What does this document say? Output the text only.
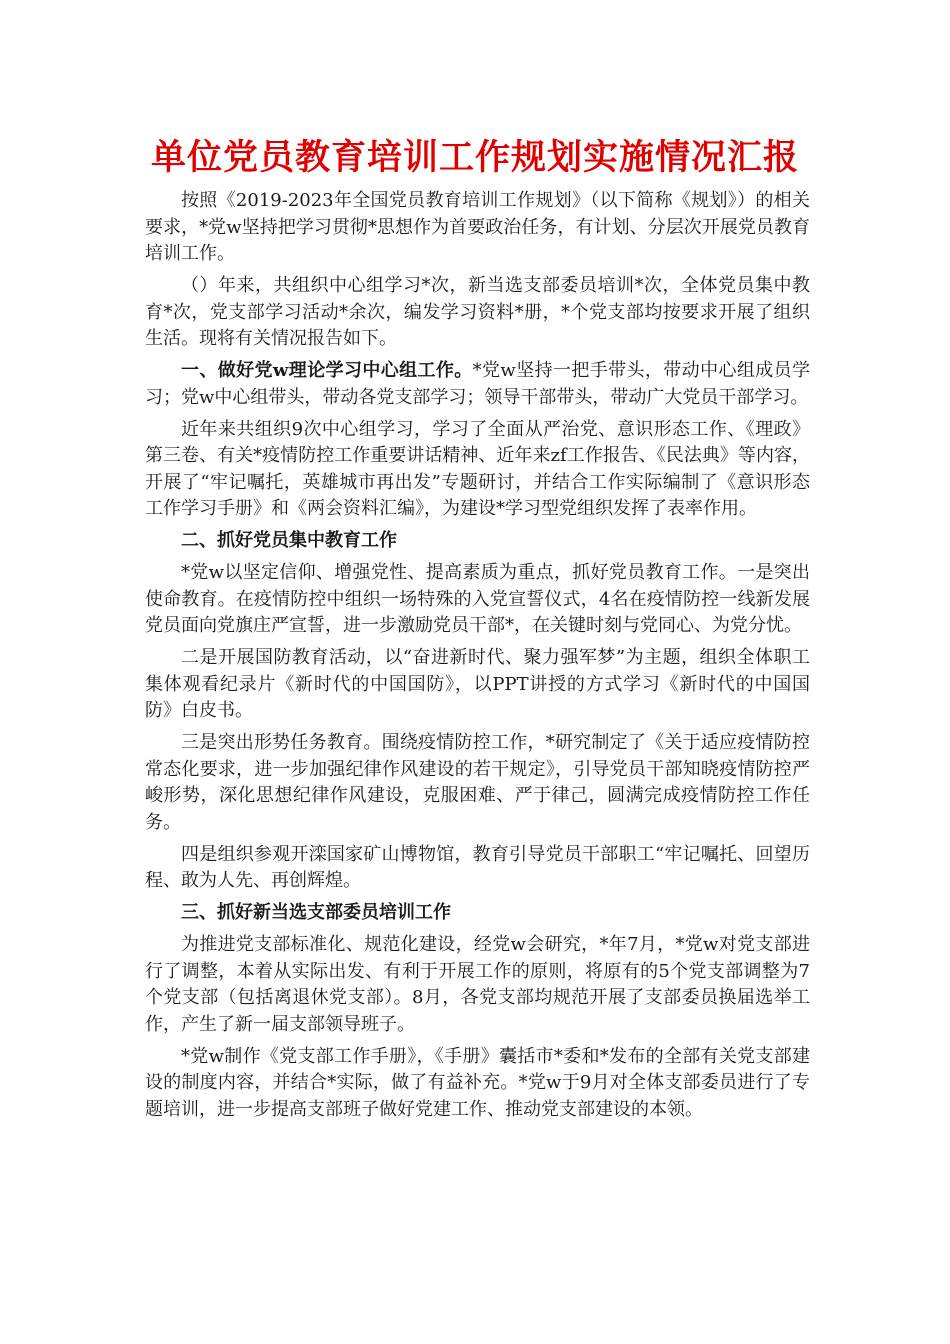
单位党员教育培训工作规划实施情况汇报

按照《2019-2023年全国党员教育培训工作规划》（以下简称《规划》）的相关要求，*党w坚持把学习贯彻*思想作为首要政治任务，有计划、分层次开展党员教育培训工作。

（）年来，共组织中心组学习*次，新当选支部委员培训*次，全体党员集中教育*次，党支部学习活动*余次，编发学习资料*册，*个党支部均按要求开展了组织生活。现将有关情况报告如下。

一、做好党w理论学习中心组工作。*党w坚持一把手带头，带动中心组成员学习；党w中心组带头，带动各党支部学习；领导干部带头，带动广大党员干部学习。

近年来共组织9次中心组学习，学习了全面从严治党、意识形态工作、《理政》第三卷、有关*疫情防控工作重要讲话精神、近年来zf工作报告、《民法典》等内容，开展了“牢记嘱托，英雄城市再出发”专题研讨，并结合工作实际编制了《意识形态工作学习手册》和《两会资料汇编》，为建设*学习型党组织发挥了表率作用。

二、抓好党员集中教育工作

*党w以坚定信仰、增强党性、提高素质为重点，抓好党员教育工作。一是突出使命教育。在疫情防控中组织一场特殊的入党宣誓仪式，4名在疫情防控一线新发展党员面向党旗庄严宣誓，进一步激励党员干部*，在关键时刻与党同心、为党分忧。

二是开展国防教育活动，以“奋进新时代、聚力强军梦”为主题，组织全体职工集体观看纪录片《新时代的中国国防》，以PPT讲授的方式学习《新时代的中国国防》白皮书。

三是突出形势任务教育。围绕疫情防控工作，*研究制定了《关于适应疫情防控常态化要求，进一步加强纪律作风建设的若干规定》，引导党员干部知晓疫情防控严峻形势，深化思想纪律作风建设，克服困难、严于律己，圆满完成疫情防控工作任务。

四是组织参观开滦国家矿山博物馆，教育引导党员干部职工“牢记嘱托、回望历程、敢为人先、再创辉煌。

三、抓好新当选支部委员培训工作

为推进党支部标准化、规范化建设，经党w会研究，*年7月，*党w对党支部进行了调整，本着从实际出发、有利于开展工作的原则，将原有的5个党支部调整为7个党支部（包括离退休党支部）。8月，各党支部均规范开展了支部委员换届选举工作，产生了新一届支部领导班子。

*党w制作《党支部工作手册》，《手册》囊括市*委和*发布的全部有关党支部建设的制度内容，并结合*实际，做了有益补充。*党w于9月对全体支部委员进行了专题培训，进一步提高支部班子做好党建工作、推动党支部建设的本领。
